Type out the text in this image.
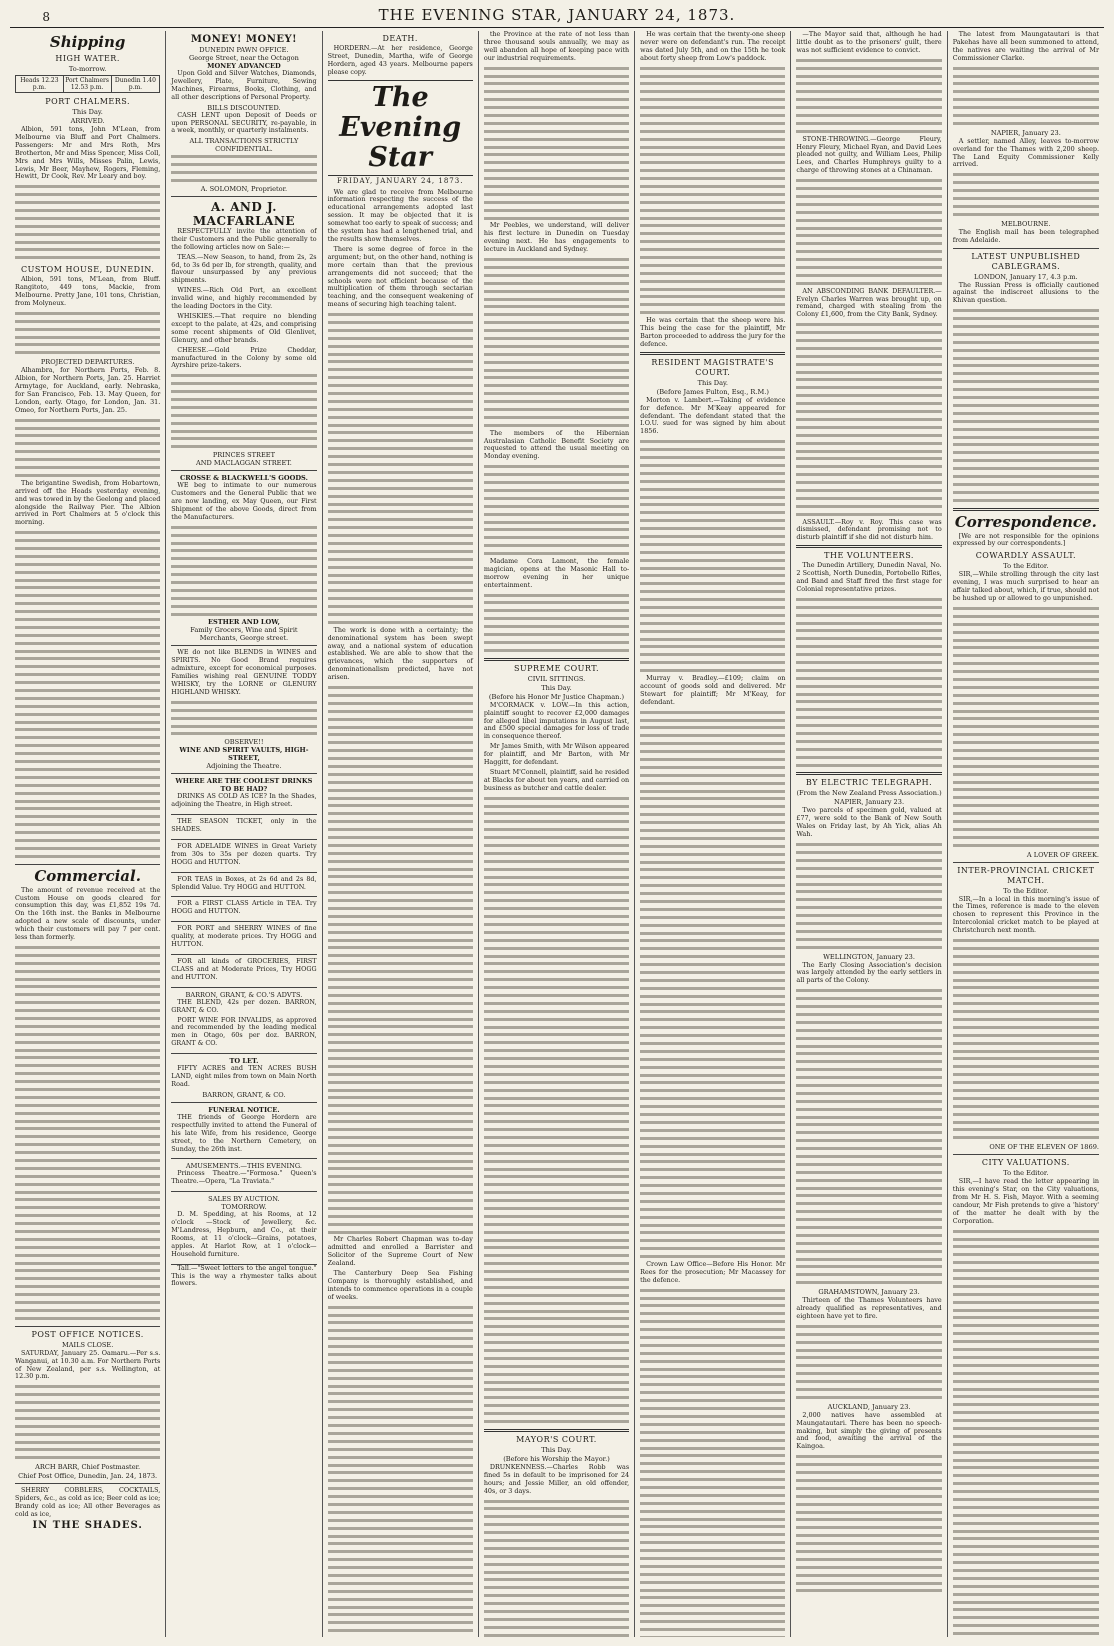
8	THE EVENING STAR, JANUARY 24, 1873.
Shipping
HIGH WATER.
To-morrow.
Heads 12.23 p.m.
Port Chalmers 12.53 p.m.
Dunedin 1.40 p.m.
PORT CHALMERS.
This Day.
ARRIVED.

Albion, 591 tons, John M'Lean, from Melbourne via Bluff and Port Chalmers. Passengers: Mr and Mrs Roth, Mrs Brotherton, Mr and Miss Spencer, Miss Coll, Mrs and Mrs Wills, Misses Palin, Lewis, Lewis, Mr Beer, Mayhew, Rogers, Fleming, Hewitt, Dr Cook, Rev. Mr Leary and boy.

CUSTOM HOUSE, DUNEDIN.

Albion, 591 tons, M'Lean, from Bluff. Rangitoto, 449 tons, Mackie, from Melbourne. Pretty Jane, 101 tons, Christian, from Molyneux.

PROJECTED DEPARTURES.

Alhambra, for Northern Ports, Feb. 8. Albion, for Northern Ports, Jan. 25. Harriet Armytage, for Auckland, early. Nebraska, for San Francisco, Feb. 13. May Queen, for London, early. Otago, for London, Jan. 31. Omeo, for Northern Ports, Jan. 25.

The brigantine Swedish, from Hobartown, arrived off the Heads yesterday evening, and was towed in by the Geelong and placed alongside the Railway Pier. The Albion arrived in Port Chalmers at 5 o'clock this morning.

Commercial.

The amount of revenue received at the Custom House on goods cleared for consumption this day, was £1,852 19s 7d. On the 16th inst. the Banks in Melbourne adopted a new scale of discounts, under which their customers will pay 7 per cent. less than formerly.

POST OFFICE NOTICES.
MAILS CLOSE.

SATURDAY, January 25. Oamaru.—Per s.s. Wanganui, at 10.30 a.m. For Northern Ports of New Zealand, per s.s. Wellington, at 12.30 p.m.

ARCH BARR, Chief Postmaster.
Chief Post Office, Dunedin, Jan. 24, 1873.

SHERRY COBBLERS, COCKTAILS, Spiders, &c., as cold as ice; Beer cold as ice; Brandy cold as ice; All other Beverages as cold as ice,

IN THE SHADES.
MONEY! MONEY!
DUNEDIN PAWN OFFICE.
George Street, near the Octagon
MONEY ADVANCED

Upon Gold and Silver Watches, Diamonds, Jewellery, Plate, Furniture, Sewing Machines, Firearms, Books, Clothing, and all other descriptions of Personal Property.

BILLS DISCOUNTED.

CASH LENT upon Deposit of Deeds or upon PERSONAL SECURITY, re-payable, in a week, monthly, or quarterly instalments.

ALL TRANSACTIONS STRICTLY CONFIDENTIAL.
A. SOLOMON, Proprietor.
A. AND J. MACFARLANE

RESPECTFULLY invite the attention of their Customers and the Public generally to the following articles now on Sale:—

TEAS.—New Season, to hand, from 2s, 2s 6d, to 3s 6d per lb, for strength, quality, and flavour unsurpassed by any previous shipments.

WINES.—Rich Old Port, an excellent invalid wine, and highly recommended by the leading Doctors in the City.

WHISKIES.—That require no blending except to the palate, at 42s, and comprising some recent shipments of Old Glenlivet, Glenury, and other brands.

CHEESE.—Gold Prize Cheddar, manufactured in the Colony by some old Ayrshire prize-takers.

PRINCES STREET
AND MACLAGGAN STREET.
CROSSE & BLACKWELL'S GOODS.

WE beg to intimate to our numerous Customers and the General Public that we are now landing, ex May Queen, our First Shipment of the above Goods, direct from the Manufacturers.

ESTHER AND LOW,
Family Grocers, Wine and Spirit Merchants, George street.

WE do not like BLENDS in WINES and SPIRITS. No Good Brand requires admixture, except for economical purposes. Families wishing real GENUINE TODDY WHISKY, try the LORNE or GLENURY HIGHLAND WHISKY.

OBSERVE!!
WINE AND SPIRIT VAULTS, HIGH-STREET,
Adjoining the Theatre.
WHERE ARE THE COOLEST DRINKS TO BE HAD?

DRINKS AS COLD AS ICE? In the Shades, adjoining the Theatre, in High street.

THE SEASON TICKET, only in the SHADES.

FOR ADELAIDE WINES in Great Variety from 30s to 35s per dozen quarts. Try HOGG and HUTTON.

FOR TEAS in Boxes, at 2s 6d and 2s 8d, Splendid Value. Try HOGG and HUTTON.

FOR a FIRST CLASS Article in TEA. Try HOGG and HUTTON.

FOR PORT and SHERRY WINES of fine quality, at moderate prices. Try HOGG and HUTTON.

FOR all kinds of GROCERIES, FIRST CLASS and at Moderate Prices, Try HOGG and HUTTON.

BARRON, GRANT, & CO.'S ADVTS.

THE BLEND, 42s per dozen. BARRON, GRANT, & CO.

PORT WINE FOR INVALIDS, as approved and recommended by the leading medical men in Otago, 60s per doz. BARRON, GRANT & CO.

TO LET.

FIFTY ACRES and TEN ACRES BUSH LAND, eight miles from town on Main North Road.

BARRON, GRANT, & CO.
FUNERAL NOTICE.

THE friends of George Hordern are respectfully invited to attend the Funeral of his late Wife, from his residence, George street, to the Northern Cemetery, on Sunday, the 26th inst.

AMUSEMENTS.—THIS EVENING.

Princess Theatre.—"Formosa." Queen's Theatre.—Opera, "La Traviata."

SALES BY AUCTION.
TOMORROW.

D. M. Spedding, at his Rooms, at 12 o'clock —Stock of Jewellery, &c. M'Landress, Hepburn, and Co., at their Rooms, at 11 o'clock—Grains, potatoes, apples. At Harlot Row, at 1 o'clock—Household furniture.

Tall.—"Sweet letters to the angel tongue." This is the way a rhymester talks about flowers.

DEATH.

HORDERN.—At her residence, George Street, Dunedin, Martha, wife of George Hordern, aged 43 years. Melbourne papers please copy.

The Evening Star
FRIDAY, JANUARY 24, 1873.

We are glad to receive from Melbourne information respecting the success of the educational arrangements adopted last session. It may be objected that it is somewhat too early to speak of success; and the system has had a lengthened trial, and the results show themselves.

There is some degree of force in the argument; but, on the other hand, nothing is more certain than that the previous arrangements did not succeed; that the schools were not efficient because of the multiplication of them through sectarian teaching, and the consequent weakening of means of securing high teaching talent.

The work is done with a certainty; the denominational system has been swept away, and a national system of education established. We are able to show that the grievances, which the supporters of denominationalism predicted, have not arisen.

Mr Charles Robert Chapman was to-day admitted and enrolled a Barrister and Solicitor of the Supreme Court of New Zealand.

The Canterbury Deep Sea Fishing Company is thoroughly established, and intends to commence operations in a couple of weeks.

the Province at the rate of not less than three thousand souls annually, we may as well abandon all hope of keeping pace with our industrial requirements.

Mr Peebles, we understand, will deliver his first lecture in Dunedin on Tuesday evening next. He has engagements to lecture in Auckland and Sydney.

The members of the Hibernian Australasian Catholic Benefit Society are requested to attend the usual meeting on Monday evening.

Madame Cora Lamont, the female magician, opens at the Masonic Hall to-morrow evening in her unique entertainment.

SUPREME COURT.
CIVIL SITTINGS.
This Day.
(Before his Honor Mr Justice Chapman.)

M'CORMACK v. LOW.—In this action, plaintiff sought to recover £2,000 damages for alleged libel imputations in August last, and £500 special damages for loss of trade in consequence thereof.

Mr James Smith, with Mr Wilson appeared for plaintiff, and Mr Barton, with Mr Haggitt, for defendant.

Stuart M'Connell, plaintiff, said he resided at Blacks for about ten years, and carried on business as butcher and cattle dealer.

MAYOR'S COURT.
This Day.
(Before his Worship the Mayor.)

DRUNKENNESS.—Charles Robb was fined 5s in default to be imprisoned for 24 hours; and Jessie Miller, an old offender, 40s, or 3 days.

He was certain that the twenty-one sheep never were on defendant's run. The receipt was dated July 5th, and on the 15th he took about forty sheep from Low's paddock.

He was certain that the sheep were his. This being the case for the plaintiff, Mr Barton proceeded to address the jury for the defence.

RESIDENT MAGISTRATE'S COURT.
This Day.
(Before James Fulton, Esq., R.M.)

Morton v. Lambert.—Taking of evidence for defence. Mr M'Keay appeared for defendant. The defendant stated that the I.O.U. sued for was signed by him about 1856.

Murray v. Bradley.—£109; claim on account of goods sold and delivered. Mr Stewart for plaintiff; Mr M'Keay, for defendant.

Crown Law Office—Before His Honor. Mr Rees for the prosecution; Mr Macassey for the defence.

—The Mayor said that, although he had little doubt as to the prisoners' guilt, there was not sufficient evidence to convict.

STONE-THROWING.—George Fleury, Henry Fleury, Michael Ryan, and David Lees pleaded not guilty, and William Lees, Philip Lees, and Charles Humphreys guilty to a charge of throwing stones at a Chinaman.

AN ABSCONDING BANK DEFAULTER.—Evelyn Charles Warren was brought up, on remand, charged with stealing from the Colony £1,600, from the City Bank, Sydney.

ASSAULT.—Roy v. Roy. This case was dismissed, defendant promising not to disturb plaintiff if she did not disturb him.

THE VOLUNTEERS.

The Dunedin Artillery, Dunedin Naval, No. 2 Scottish, North Dunedin, Portobello Rifles, and Band and Staff fired the first stage for Colonial representative prizes.

BY ELECTRIC TELEGRAPH.
(From the New Zealand Press Association.)
NAPIER, January 23.

Two parcels of specimen gold, valued at £77, were sold to the Bank of New South Wales on Friday last, by Ah Yick, alias Ah Wah.

WELLINGTON, January 23.

The Early Closing Association's decision was largely attended by the early settlers in all parts of the Colony.

GRAHAMSTOWN, January 23.

Thirteen of the Thames Volunteers have already qualified as representatives, and eighteen have yet to fire.

AUCKLAND, January 23.

2,000 natives have assembled at Maungatautari. There has been no speech-making, but simply the giving of presents and food, awaiting the arrival of the Kaingoa.

The latest from Maungatautari is that Pakehas have all been summoned to attend, the natives are waiting the arrival of Mr Commissioner Clarke.

NAPIER, January 23.

A settler, named Alley, leaves to-morrow overland for the Thames with 2,200 sheep. The Land Equity Commissioner Kelly arrived.

MELBOURNE.

The English mail has been telegraphed from Adelaide.

LATEST UNPUBLISHED CABLEGRAMS.
LONDON, January 17, 4.3 p.m.

The Russian Press is officially cautioned against the indiscreet allusions to the Khivan question.

Correspondence.

[We are not responsible for the opinions expressed by our correspondents.]

COWARDLY ASSAULT.
To the Editor.

SIR,—While strolling through the city last evening, I was much surprised to hear an affair talked about, which, if true, should not be hushed up or allowed to go unpunished.

A LOVER OF GREEK.
INTER-PROVINCIAL CRICKET MATCH.
To the Editor.

SIR,—In a local in this morning's issue of the Times, reference is made to the eleven chosen to represent this Province in the Intercolonial cricket match to be played at Christchurch next month.

ONE OF THE ELEVEN OF 1869.
CITY VALUATIONS.
To the Editor.

SIR,—I have read the letter appearing in this evening's Star, on the City valuations, from Mr H. S. Fish, Mayor. With a seeming candour, Mr Fish pretends to give a 'history' of the matter he dealt with by the Corporation.
